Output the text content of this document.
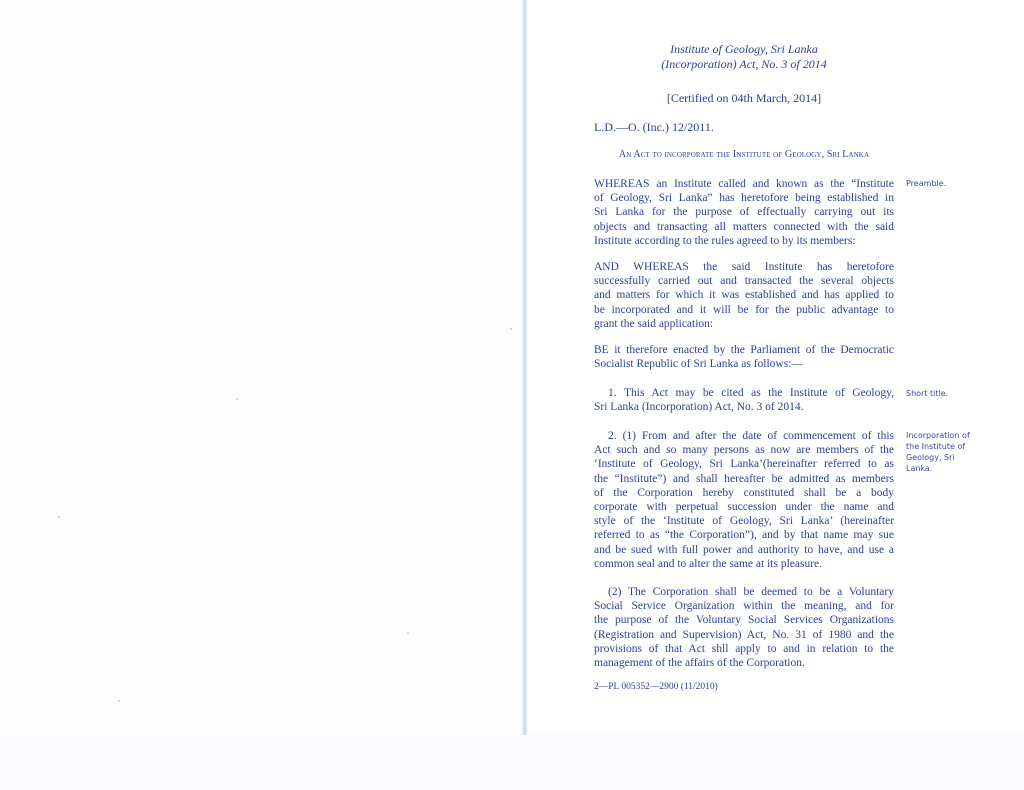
Institute of Geology, Sri Lanka
(Incorporation) Act, No. 3 of 2014

[Certified on 04th March, 2014]

L.D.—O. (Inc.) 12/2011.

An Act to incorporate the Institute of Geology, Sri Lanka

WHEREAS an Institute called and known as the “Institute
of Geology, Sri Lanka” has heretofore being established in
Sri Lanka for the purpose of effectually carrying out its
objects and transacting all matters connected with the said
Institute according to the rules agreed to by its members:
AND WHEREAS the said Institute has heretofore
successfully carried out and transacted the several objects
and matters for which it was established and has applied to
be incorporated and it will be for the public advantage to
grant the said application:
BE it therefore enacted by the Parliament of the Democratic
Socialist Republic of Sri Lanka as follows:—
1. This Act may be cited as the Institute of Geology,
Sri Lanka (Incorporation) Act, No. 3 of 2014.
2. (1) From and after the date of commencement of this
Act such and so many persons as now are members of the
‘Institute of Geology, Sri Lanka’(hereinafter referred to as
the “Institute”) and shall hereafter be admitted as members
of the Corporation hereby constituted shall be a body
corporate with perpetual succession under the name and
style of the ‘Institute of Geology, Sri Lanka’ (hereinafter
referred to as “the Corporation”), and by that name may sue
and be sued with full power and authority to have, and use a
common seal and to alter the same at its pleasure.
(2) The Corporation shall be deemed to be a Voluntary
Social Service Organization within the meaning, and for
the purpose of the Voluntary Social Services Organizations
(Registration and Supervision) Act, No. 31 of 1980 and the
provisions of that Act shll apply to and in relation to the
management of the affairs of the Corporation.
Preamble.
Short title.
Incorporation of
the Institute of
Geology, Sri
Lanka.

2—PL 005352—2900 (11/2010)
